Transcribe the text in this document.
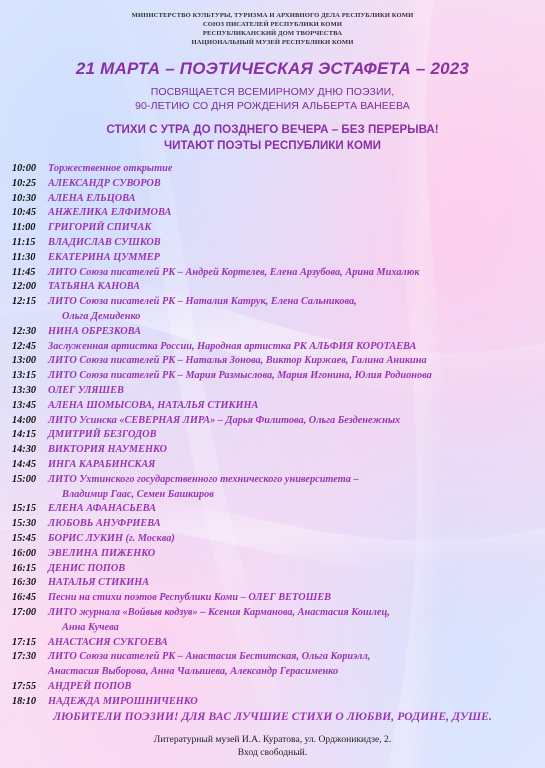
МИНИСТЕРСТВО КУЛЬТУРЫ, ТУРИЗМА И АРХИВНОГО ДЕЛА РЕСПУБЛИКИ КОМИ
СОЮЗ ПИСАТЕЛЕЙ РЕСПУБЛИКИ КОМИ
РЕСПУБЛИКАНСКИЙ ДОМ ТВОРЧЕСТВА
НАЦИОНАЛЬНЫЙ МУЗЕЙ РЕСПУБЛИКИ КОМИ
21 МАРТА – ПОЭТИЧЕСКАЯ ЭСТАФЕТА – 2023
ПОСВЯЩАЕТСЯ ВСЕМИРНОМУ ДНЮ ПОЭЗИИ,
90-ЛЕТИЮ СО ДНЯ РОЖДЕНИЯ АЛЬБЕРТА ВАНЕЕВА
СТИХИ С УТРА ДО ПОЗДНЕГО ВЕЧЕРА – БЕЗ ПЕРЕРЫВА!
ЧИТАЮТ ПОЭТЫ РЕСПУБЛИКИ КОМИ
10:00	Торжественное открытие
10:25	АЛЕКСАНДР СУВОРОВ
10:30	АЛЕНА ЕЛЬЦОВА
10:45	АНЖЕЛИКА ЕЛФИМОВА
11:00	ГРИГОРИЙ СПИЧАК
11:15	ВЛАДИСЛАВ СУШКОВ
11:30	ЕКАТЕРИНА ЦУММЕР
11:45	ЛИТО Союза писателей РК – Андрей Кортелев, Елена Арзубова, Арина Михалюк
12:00	ТАТЬЯНА КАНОВА
12:15	ЛИТО Союза писателей РК – Наталия Катрук, Елена Сальникова,
Ольга Демиденко
12:30	НИНА ОБРЕЗКОВА
12:45	Заслуженная артистка России, Народная артистка РК АЛЬФИЯ КОРОТАЕВА
13:00	ЛИТО Союза писателей РК – Наталья Зонова, Виктор Киржаев, Галина Аникина
13:15	ЛИТО Союза писателей РК – Мария Размыслова, Мария Игонина, Юлия Родионова
13:30	ОЛЕГ УЛЯШЕВ
13:45	АЛЕНА ШОМЫСОВА, НАТАЛЬЯ СТИКИНА
14:00	ЛИТО Усинска «СЕВЕРНАЯ ЛИРА» – Дарья Филитова, Ольга Безденежных
14:15	ДМИТРИЙ БЕЗГОДОВ
14:30	ВИКТОРИЯ НАУМЕНКО
14:45	ИНГА КАРАБИНСКАЯ
15:00	ЛИТО Ухтинского государственного технического университета –
Владимир Гаас, Семен Башкиров
15:15	ЕЛЕНА АФАНАСЬЕВА
15:30	ЛЮБОВЬ АНУФРИЕВА
15:45	БОРИС ЛУКИН (г. Москва)
16:00	ЭВЕЛИНА ПИЖЕНКО
16:15	ДЕНИС ПОПОВ
16:30	НАТАЛЬЯ СТИКИНА
16:45	Песни на стихи поэтов Республики Коми – ОЛЕГ ВЕТОШЕВ
17:00	ЛИТО журнала «Войвыв кодзув» – Ксения Карманова, Анастасия Кошлец,
Анна Кучева
17:15	АНАСТАСИЯ СУКГОЕВА
17:30	ЛИТО Союза писателей РК – Анастасия Беститская, Ольга Кориэлл,
Анастасия Выборова, Анна Чалышева, Александр Герасименко
17:55	АНДРЕЙ ПОПОВ
18:10	НАДЕЖДА МИРОШНИЧЕНКО
ЛЮБИТЕЛИ ПОЭЗИИ! ДЛЯ ВАС ЛУЧШИЕ СТИХИ О ЛЮБВИ, РОДИНЕ, ДУШЕ.
Литературный музей И.А. Куратова, ул. Орджоникидзе, 2.
Вход свободный.
